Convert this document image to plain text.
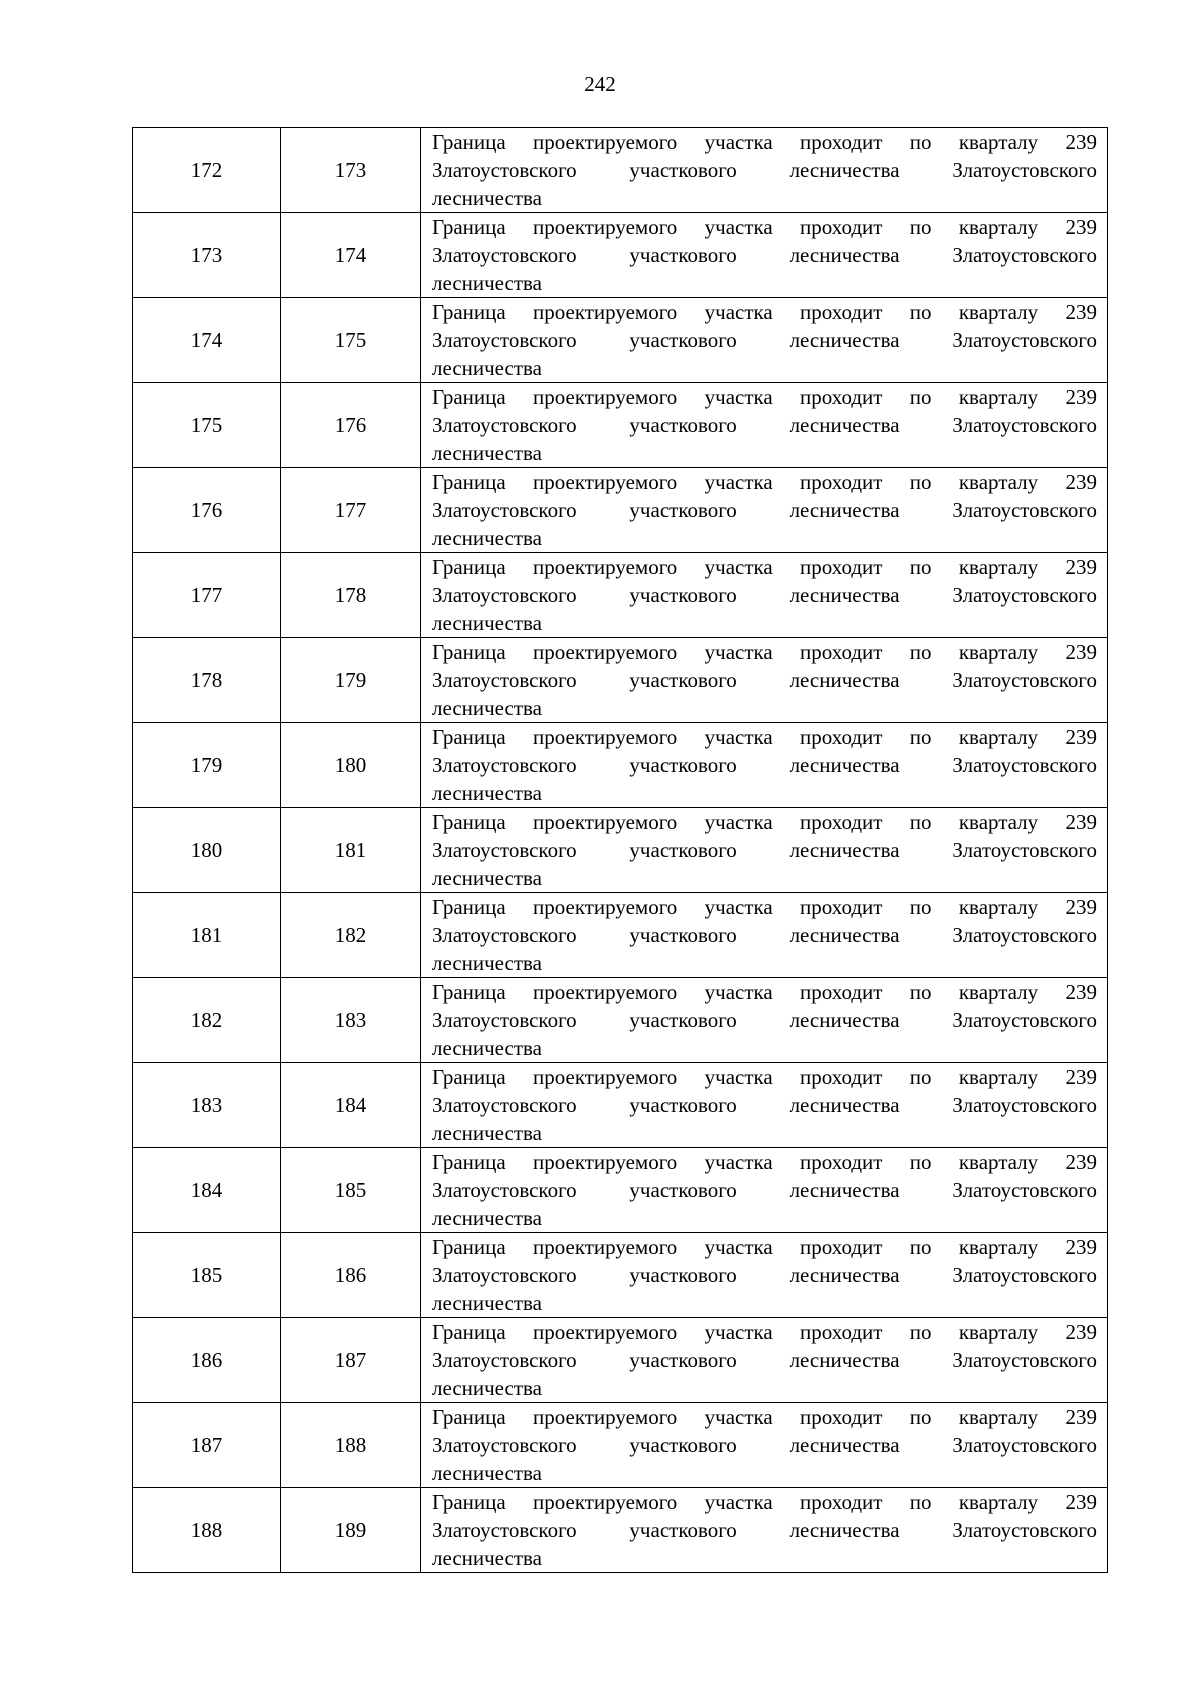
242
172	173	Граница проектируемого участка проходит по кварталу 239
Златоустовского участкового лесничества Златоустовского
лесничества

173	174	Граница проектируемого участка проходит по кварталу 239
Златоустовского участкового лесничества Златоустовского
лесничества

174	175	Граница проектируемого участка проходит по кварталу 239
Златоустовского участкового лесничества Златоустовского
лесничества

175	176	Граница проектируемого участка проходит по кварталу 239
Златоустовского участкового лесничества Златоустовского
лесничества

176	177	Граница проектируемого участка проходит по кварталу 239
Златоустовского участкового лесничества Златоустовского
лесничества

177	178	Граница проектируемого участка проходит по кварталу 239
Златоустовского участкового лесничества Златоустовского
лесничества

178	179	Граница проектируемого участка проходит по кварталу 239
Златоустовского участкового лесничества Златоустовского
лесничества

179	180	Граница проектируемого участка проходит по кварталу 239
Златоустовского участкового лесничества Златоустовского
лесничества

180	181	Граница проектируемого участка проходит по кварталу 239
Златоустовского участкового лесничества Златоустовского
лесничества

181	182	Граница проектируемого участка проходит по кварталу 239
Златоустовского участкового лесничества Златоустовского
лесничества

182	183	Граница проектируемого участка проходит по кварталу 239
Златоустовского участкового лесничества Златоустовского
лесничества

183	184	Граница проектируемого участка проходит по кварталу 239
Златоустовского участкового лесничества Златоустовского
лесничества

184	185	Граница проектируемого участка проходит по кварталу 239
Златоустовского участкового лесничества Златоустовского
лесничества

185	186	Граница проектируемого участка проходит по кварталу 239
Златоустовского участкового лесничества Златоустовского
лесничества

186	187	Граница проектируемого участка проходит по кварталу 239
Златоустовского участкового лесничества Златоустовского
лесничества

187	188	Граница проектируемого участка проходит по кварталу 239
Златоустовского участкового лесничества Златоустовского
лесничества

188	189	Граница проектируемого участка проходит по кварталу 239
Златоустовского участкового лесничества Златоустовского
лесничества
